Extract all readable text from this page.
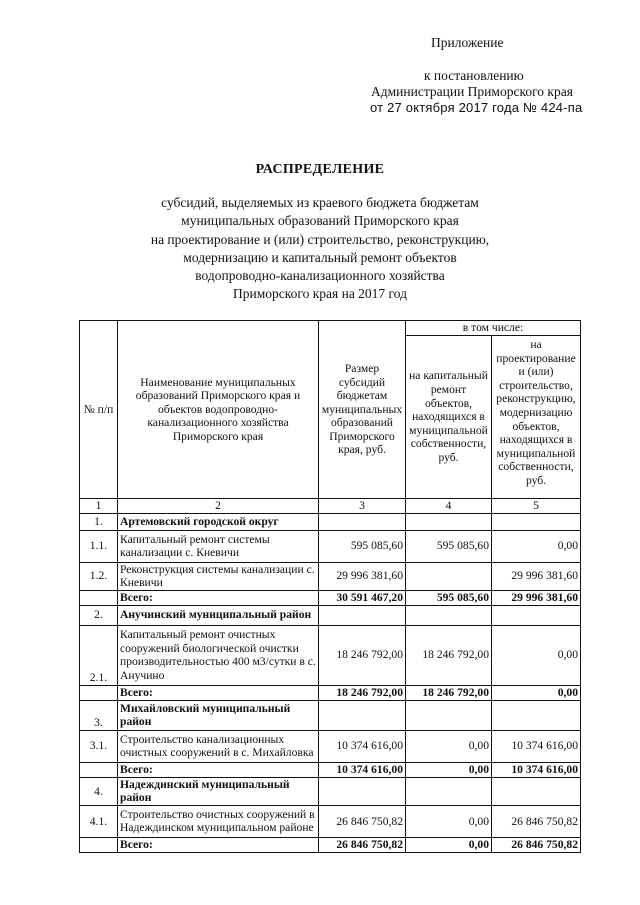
Приложение
к постановлению
Администрации Приморского края
от 27 октября 2017 года № 424-па
РАСПРЕДЕЛЕНИЕ
субсидий, выделяемых из краевого бюджета бюджетам
муниципальных образований Приморского края
на проектирование и (или) строительство, реконструкцию,
модернизацию и капитальный ремонт объектов
водопроводно-канализационного хозяйства
Приморского края на 2017 год
№ п/п	Наименование муниципальных образований Приморского края и объектов водопроводно-канализационного хозяйства Приморского края	Размер субсидий бюджетам муниципальных образований Приморского края, руб.	в том числе:	
			на капитальный ремонт объектов, находящихся в муниципальной собственности, руб.	на проектирование и (или) строительство, реконструкцию, модернизацию объектов, находящихся в муниципальной собственности, руб.
1	2	3	4	5
1.	Артемовский городской округ			
1.1.	Капитальный ремонт системы канализации с. Кневичи	595 085,60	595 085,60	0,00
1.2.	Реконструкция системы канализации с. Кневичи	29 996 381,60		29 996 381,60
	Всего:	30 591 467,20	595 085,60	29 996 381,60
2.	Анучинский муниципальный район			
2.1.	Капитальный ремонт очистных сооружений биологической очистки производительностью 400 м3/сутки в с. Анучино	18 246 792,00	18 246 792,00	0,00
	Всего:	18 246 792,00	18 246 792,00	0,00
3.	Михайловский муниципальный район			
3.1.	Строительство канализационных очистных сооружений в с. Михайловка	10 374 616,00	0,00	10 374 616,00
	Всего:	10 374 616,00	0,00	10 374 616,00
4.	Надеждинский муниципальный район			
4.1.	Строительство очистных сооружений в Надеждинском муниципальном районе	26 846 750,82	0,00	26 846 750,82
	Всего:	26 846 750,82	0,00	26 846 750,82
